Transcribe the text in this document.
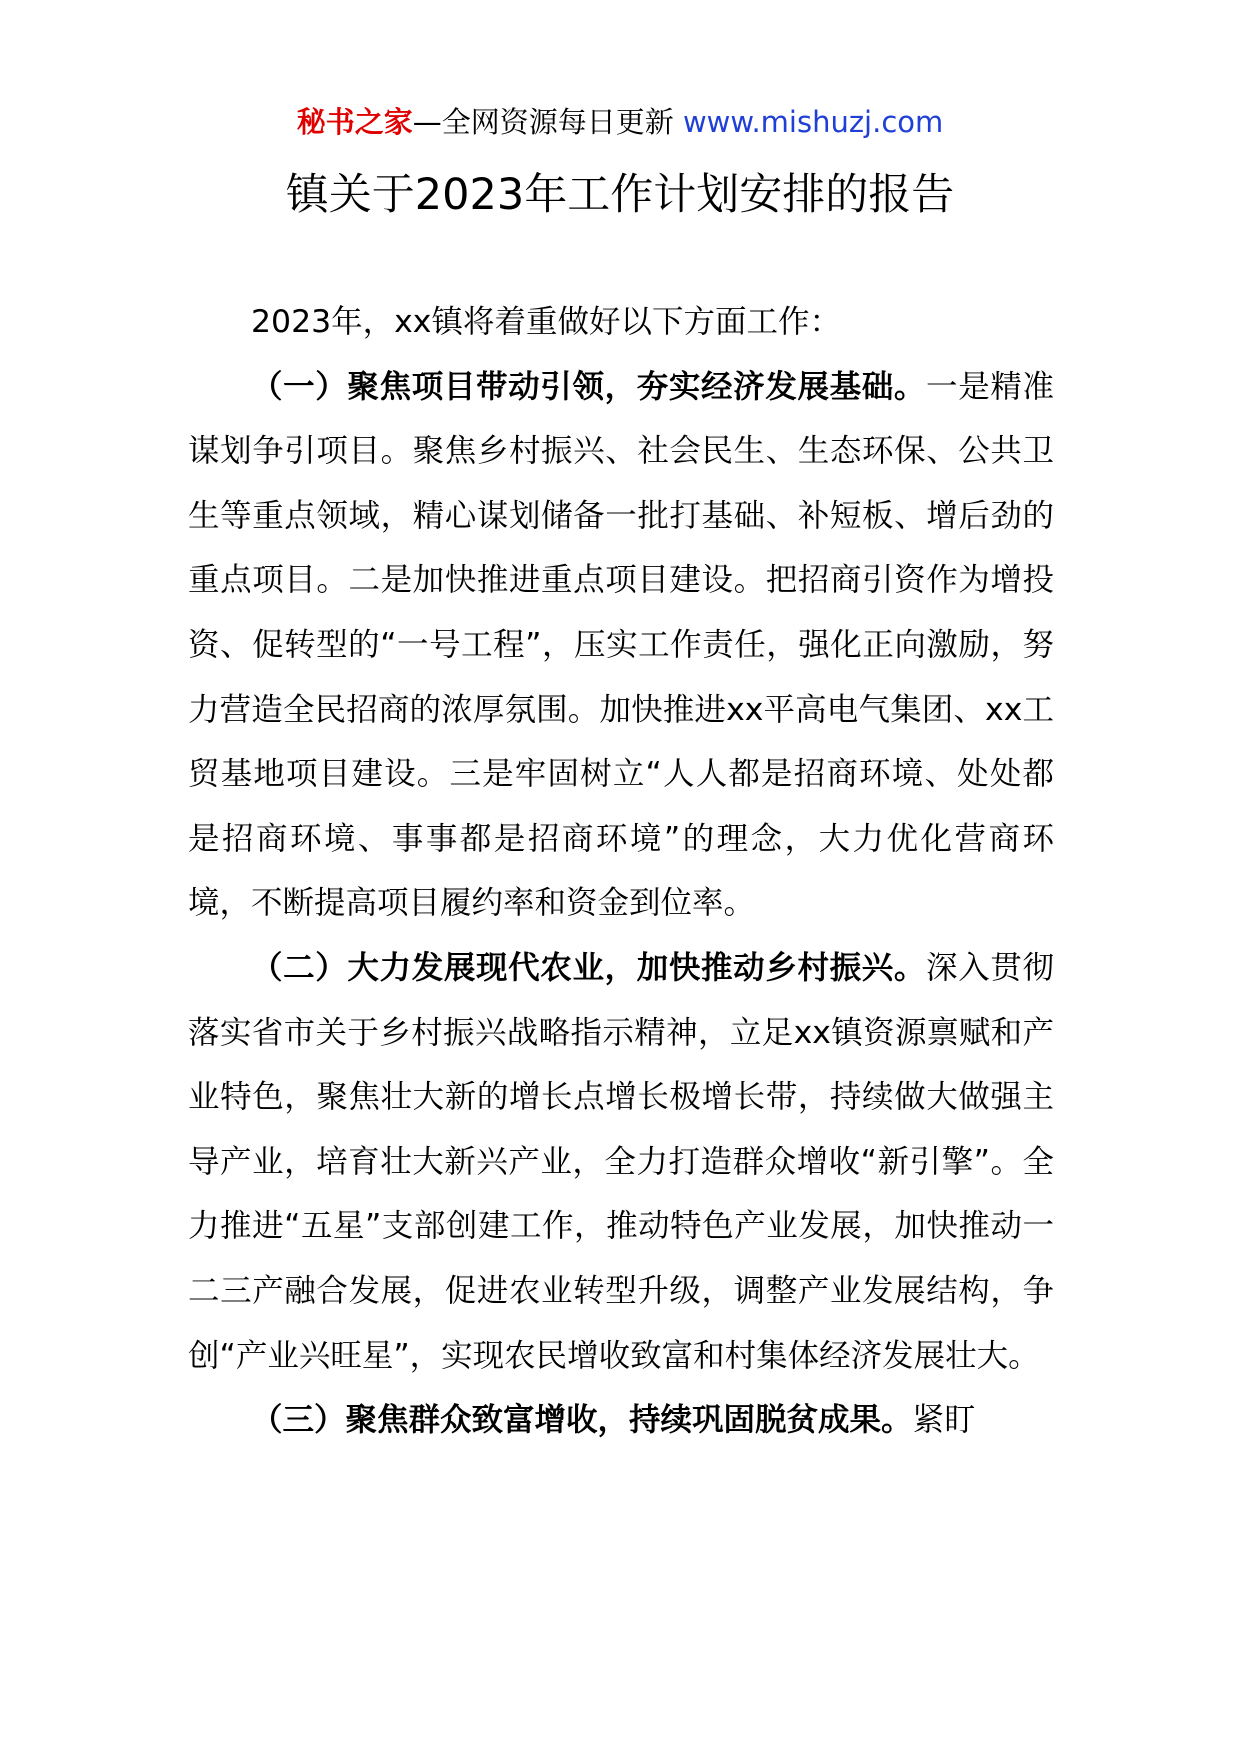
秘书之家—全网资源每日更新 www.mishuzj.com
镇关于2023年工作计划安排的报告

2023年，xx镇将着重做好以下方面工作：

（一）聚焦项目带动引领，夯实经济发展基础。一是精准谋划争引项目。聚焦乡村振兴、社会民生、生态环保、公共卫生等重点领域，精心谋划储备一批打基础、补短板、增后劲的重点项目。二是加快推进重点项目建设。把招商引资作为增投资、促转型的“一号工程”，压实工作责任，强化正向激励，努力营造全民招商的浓厚氛围。加快推进xx平高电气集团、xx工贸基地项目建设。三是牢固树立“人人都是招商环境、处处都是招商环境、事事都是招商环境”的理念，大力优化营商环境，不断提高项目履约率和资金到位率。

（二）大力发展现代农业，加快推动乡村振兴。深入贯彻落实省市关于乡村振兴战略指示精神，立足xx镇资源禀赋和产业特色，聚焦壮大新的增长点增长极增长带，持续做大做强主导产业，培育壮大新兴产业，全力打造群众增收“新引擎”。全力推进“五星”支部创建工作，推动特色产业发展，加快推动一二三产融合发展，促进农业转型升级，调整产业发展结构，争创“产业兴旺星”，实现农民增收致富和村集体经济发展壮大。

（三）聚焦群众致富增收，持续巩固脱贫成果。紧盯
